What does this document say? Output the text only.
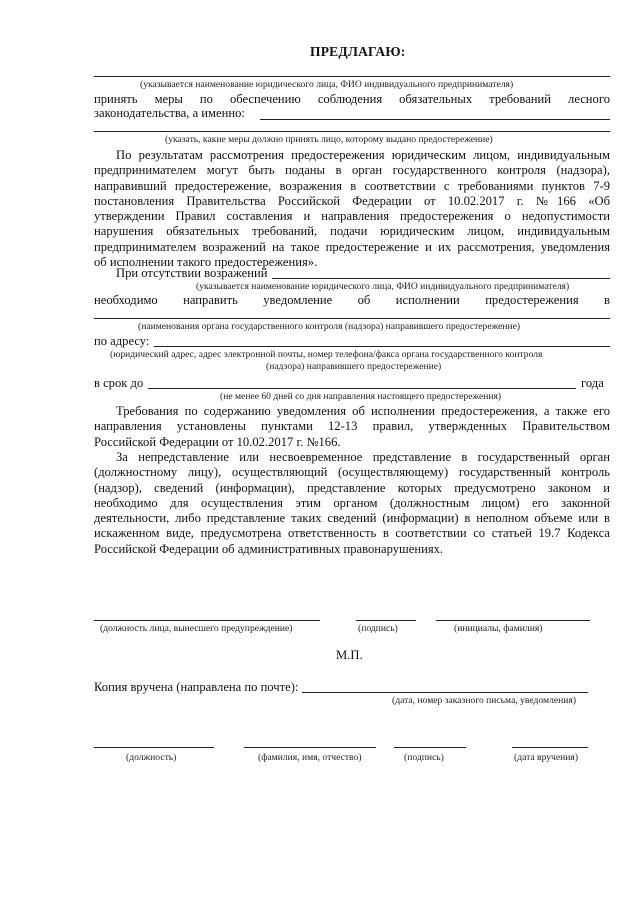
ПРЕДЛАГАЮ:
(указывается наименование юридического лица, ФИО индивидуального предпринимателя)
принять меры по обеспечению соблюдения обязательных требований лесного
законодательства, а именно:
(указать, какие меры должно принять лицо, которому выдано предостережение)
По результатам рассмотрения предостережения юридическим лицом, индивидуальным
предпринимателем могут быть поданы в орган государственного контроля (надзора),
направивший предостережение, возражения в соответствии с требованиями пунктов 7-9
постановления Правительства Российской Федерации от 10.02.2017 г. №166 «Об
утверждении Правил составления и направления предостережения о недопустимости
нарушения обязательных требований, подачи юридическим лицом, индивидуальным
предпринимателем возражений на такое предостережение и их рассмотрения, уведомления
об исполнении такого предостережения».
При отсутствии возражений
(указывается наименование юридического лица, ФИО индивидуального предпринимателя)
необходимо направить уведомление об исполнении предостережения в
(наименования органа государственного контроля (надзора) направившего предостережение)
по адресу:
(юридический адрес, адрес электронной почты, номер телефона/факса органа государственного контроля
(надзора) направившего предостережение)
в срок до	года
(не менее 60 дней со дня направления настоящего предостережения)
Требования по содержанию уведомления об исполнении предостережения, а также его
направления установлены пунктами 12-13 правил, утвержденных Правительством
Российской Федерации от 10.02.2017 г. №166.
За непредставление или несвоевременное представление в государственный орган
(должностному лицу), осуществляющий (осуществляющему) государственный контроль
(надзор), сведений (информации), представление которых предусмотрено законом и
необходимо для осуществления этим органом (должностным лицом) его законной
деятельности, либо представление таких сведений (информации) в неполном объеме или в
искаженном виде, предусмотрена ответственность в соответствии со статьей 19.7 Кодекса
Российской Федерации об административных правонарушениях.
(должность лица, вынесшего предупреждение)	(подпись)	(инициалы, фамилия)
М.П.
Копия вручена (направлена по почте):
(дата, номер заказного письма, уведомления)
(должность)	(фамилия, имя, отчество)	(подпись)	(дата вручения)
